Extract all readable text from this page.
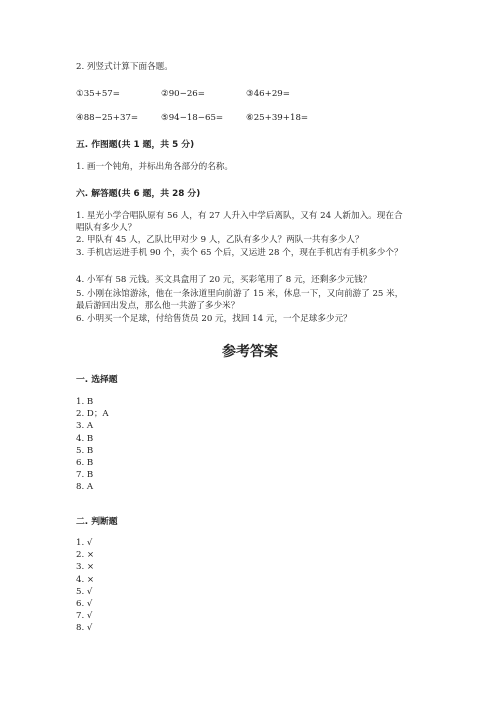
2. 列竖式计算下面各题。
①35+57=	②90−26=	③46+29=
④88−25+37=	⑤94−18−65=	⑥25+39+18=
五. 作图题(共 1 题，共 5 分)
1. 画一个钝角，并标出角各部分的名称。
六. 解答题(共 6 题，共 28 分)
1. 星光小学合唱队原有 56 人，有 27 人升入中学后离队，又有 24 人新加入。现在合唱队有多少人？
2. 甲队有 45 人，乙队比甲对少 9 人，乙队有多少人？两队一共有多少人？
3. 手机店运进手机 90 个，卖个 65 个后，又运进 28 个，现在手机店有手机多少个？
4. 小军有 58 元钱。买文具盒用了 20 元，买彩笔用了 8 元，还剩多少元钱？
5. 小刚在泳馆游泳，他在一条泳道里向前游了 15 米，休息一下，又向前游了 25 米，最后游回出发点，那么他一共游了多少米？
6. 小明买一个足球，付给售货员 20 元，找回 14 元，一个足球多少元？
参考答案
一. 选择题
1. B
2. D；A
3. A
4. B
5. B
6. B
7. B
8. A
二. 判断题
1. √
2. ×
3. ×
4. ×
5. √
6. √
7. √
8. √
